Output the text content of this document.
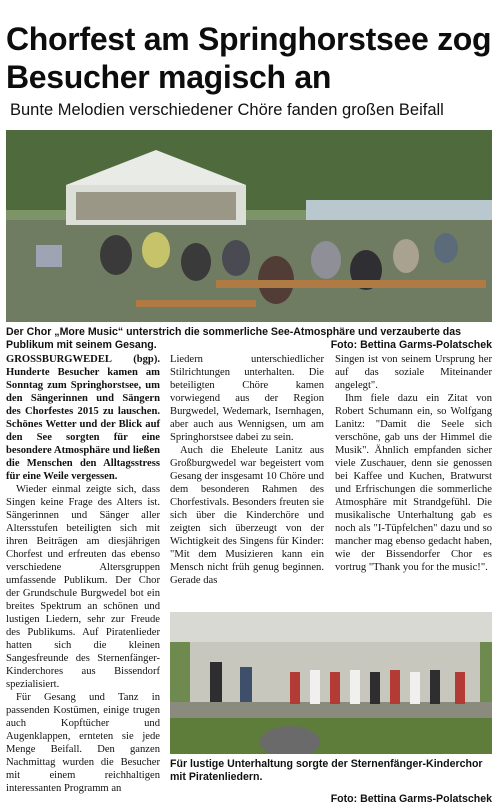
Chorfest am Springhorstsee zog Besucher magisch an

Bunte Melodien verschiedener Chöre fanden großen Beifall

Der Chor „More Music“ unterstrich die sommerliche See-Atmosphäre und verzauberte das Publikum mit seinem Gesang.	Foto: Bettina Garms-Polatschek

GROSSBURGWEDEL (bgp). Hunderte Besucher kamen am Sonntag zum Springhorstsee, um den Sängerinnen und Sängern des Chorfestes 2015 zu lauschen. Schönes Wetter und der Blick auf den See sorgten für eine besondere Atmosphäre und ließen die Menschen den Alltagsstress für eine Weile vergessen.

Wieder einmal zeigte sich, dass Singen keine Frage des Alters ist. Sängerinnen und Sänger aller Altersstufen beteiligten sich mit ihren Beiträgen am diesjährigen Chorfest und erfreuten das ebenso verschiedene Altersgruppen umfassende Publikum. Der Chor der Grundschule Burgwedel bot ein breites Spektrum an schönen und lustigen Liedern, sehr zur Freude des Publikums. Auf Piratenlieder hatten sich die kleinen Sangesfreunde des Sternenfänger-Kinderchores aus Bissendorf spezialisiert.

Für Gesang und Tanz in passenden Kostümen, einige trugen auch Kopftücher und Augenklappen, ernteten sie jede Menge Beifall. Den ganzen Nachmittag wurden die Besucher mit einem reichhaltigen interessanten Programm an

Liedern unterschiedlicher Stilrichtungen unterhalten. Die beteiligten Chöre kamen vorwiegend aus der Region Burgwedel, Wedemark, Isernhagen, aber auch aus Wennigsen, um am Springhorstsee dabei zu sein.

Auch die Eheleute Lanitz aus Großburgwedel war begeistert vom Gesang der insgesamt 10 Chöre und dem besonderen Rahmen des Chorfestivals. Besonders freuten sie sich über die Kinderchöre und zeigten sich überzeugt von der Wichtigkeit des Singens für Kinder: "Mit dem Musizieren kann ein Mensch nicht früh genug beginnen. Gerade das

Singen ist von seinem Ursprung her auf das soziale Miteinander angelegt".

Ihm fiele dazu ein Zitat von Robert Schumann ein, so Wolfgang Lanitz: "Damit die Seele sich verschöne, gab uns der Himmel die Musik". Ähnlich empfanden sicher viele Zuschauer, denn sie genossen bei Kaffee und Kuchen, Bratwurst und Erfrischungen die sommerliche Atmosphäre mit Strandgefühl. Die musikalische Unterhaltung gab es noch als "I-Tüpfelchen" dazu und so mancher mag ebenso gedacht haben, wie der Bissendorfer Chor es vortrug "Thank you for the music!".

Für lustige Unterhaltung sorgte der Sternenfänger-Kinderchor mit Piratenliedern.
Foto: Bettina Garms-Polatschek
